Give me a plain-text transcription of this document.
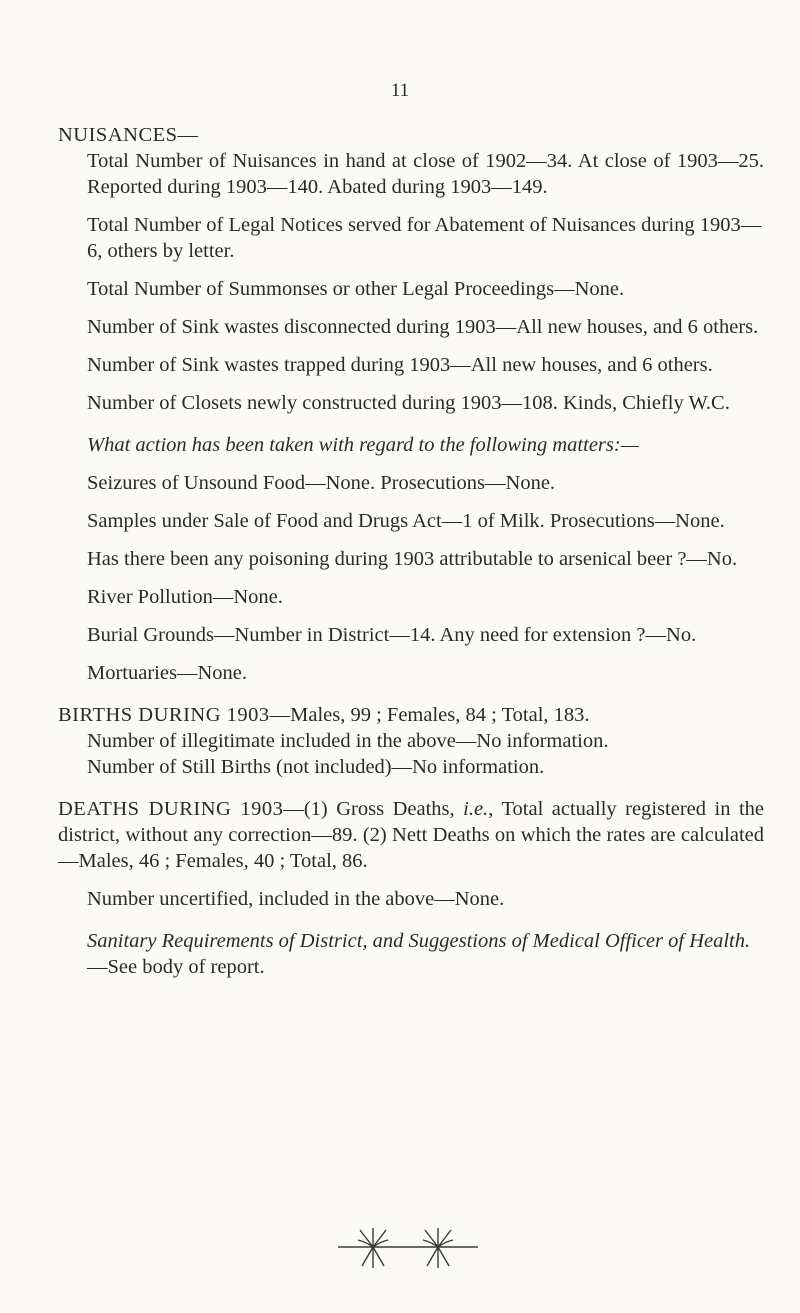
11

NUISANCES—

Total Number of Nuisances in hand at close of 1902—34. At close of 1903—25. Reported during 1903—140. Abated during 1903—149.

Total Number of Legal Notices served for Abatement of Nuisances during 1903—6, others by letter.

Total Number of Summonses or other Legal Proceedings—None.

Number of Sink wastes disconnected during 1903—All new houses, and 6 others.

Number of Sink wastes trapped during 1903—All new houses, and 6 others.

Number of Closets newly constructed during 1903—108. Kinds, Chiefly W.C.

What action has been taken with regard to the following matters:—

Seizures of Unsound Food—None. Prosecutions—None.

Samples under Sale of Food and Drugs Act—1 of Milk. Prosecutions—None.

Has there been any poisoning during 1903 attributable to arsenical beer ?—No.

River Pollution—None.

Burial Grounds—Number in District—14. Any need for extension ?—No.

Mortuaries—None.

BIRTHS DURING 1903—Males, 99 ; Females, 84 ; Total, 183.

Number of illegitimate included in the above—No information.

Number of Still Births (not included)—No information.

DEATHS DURING 1903—(1) Gross Deaths, i.e., Total actually registered in the district, without any correction—89. (2) Nett Deaths on which the rates are calculated—Males, 46 ; Females, 40 ; Total, 86.

Number uncertified, included in the above—None.

Sanitary Requirements of District, and Suggestions of Medical Officer of Health.—See body of report.
